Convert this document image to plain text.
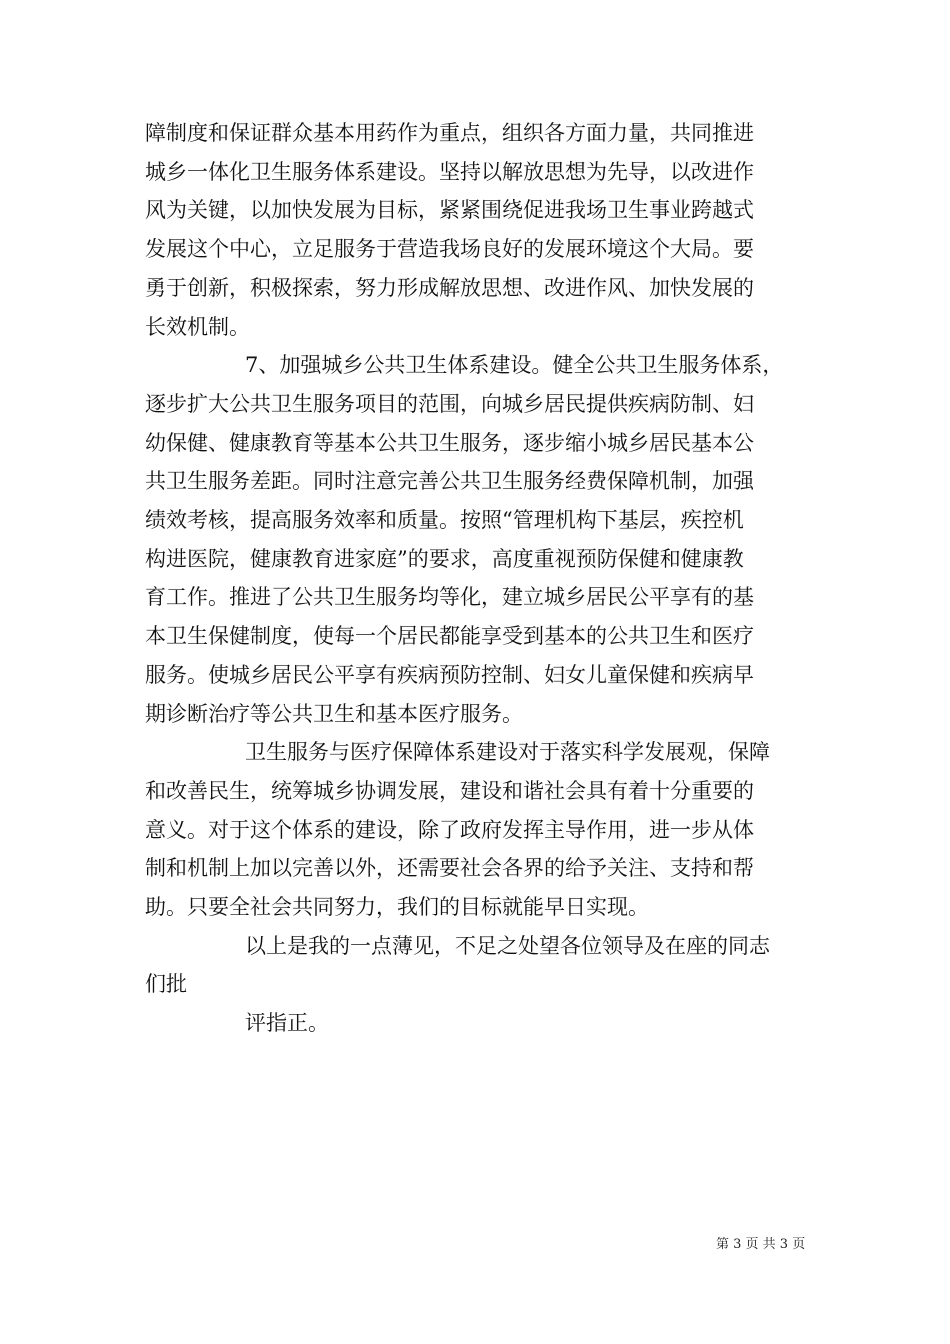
障制度和保证群众基本用药作为重点，组织各方面力量，共同推进
城乡一体化卫生服务体系建设。坚持以解放思想为先导，以改进作
风为关键，以加快发展为目标，紧紧围绕促进我场卫生事业跨越式
发展这个中心，立足服务于营造我场良好的发展环境这个大局。要
勇于创新，积极探索，努力形成解放思想、改进作风、加快发展的
长效机制。

7、加强城乡公共卫生体系建设。健全公共卫生服务体系，
逐步扩大公共卫生服务项目的范围，向城乡居民提供疾病防制、妇
幼保健、健康教育等基本公共卫生服务，逐步缩小城乡居民基本公
共卫生服务差距。同时注意完善公共卫生服务经费保障机制，加强
绩效考核，提高服务效率和质量。按照“管理机构下基层，疾控机
构进医院，健康教育进家庭”的要求，高度重视预防保健和健康教
育工作。推进了公共卫生服务均等化，建立城乡居民公平享有的基
本卫生保健制度，使每一个居民都能享受到基本的公共卫生和医疗
服务。使城乡居民公平享有疾病预防控制、妇女儿童保健和疾病早
期诊断治疗等公共卫生和基本医疗服务。

卫生服务与医疗保障体系建设对于落实科学发展观，保障
和改善民生，统筹城乡协调发展，建设和谐社会具有着十分重要的
意义。对于这个体系的建设，除了政府发挥主导作用，进一步从体
制和机制上加以完善以外，还需要社会各界的给予关注、支持和帮
助。只要全社会共同努力，我们的目标就能早日实现。

以上是我的一点薄见，不足之处望各位领导及在座的同志
们批

评指正。

第 3 页 共 3 页
